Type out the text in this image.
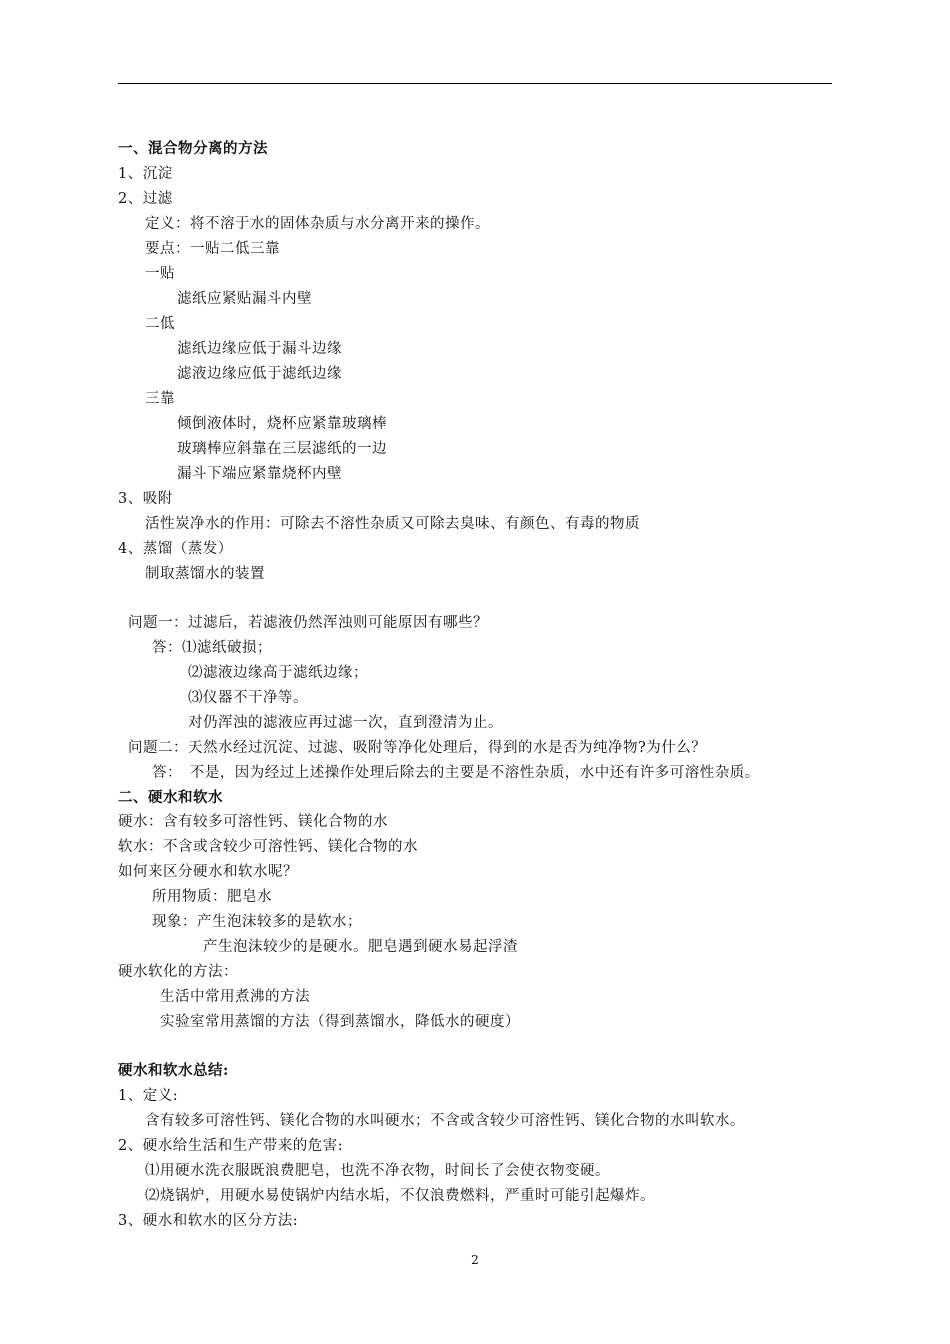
一、混合物分离的方法
1、沉淀
2、过滤
定义：将不溶于水的固体杂质与水分离开来的操作。
要点：一贴二低三靠
一贴
滤纸应紧贴漏斗内壁
二低
滤纸边缘应低于漏斗边缘
滤液边缘应低于滤纸边缘
三靠
倾倒液体时，烧杯应紧靠玻璃棒
玻璃棒应斜靠在三层滤纸的一边
漏斗下端应紧靠烧杯内壁
3、吸附
活性炭净水的作用：可除去不溶性杂质又可除去臭味、有颜色、有毒的物质
4、蒸馏（蒸发）
制取蒸馏水的装置
问题一：过滤后，若滤液仍然浑浊则可能原因有哪些？
答：⑴滤纸破损；
⑵滤液边缘高于滤纸边缘；
⑶仪器不干净等。
对仍浑浊的滤液应再过滤一次，直到澄清为止。
问题二：天然水经过沉淀、过滤、吸附等净化处理后，得到的水是否为纯净物?为什么？
答：　不是，因为经过上述操作处理后除去的主要是不溶性杂质，水中还有许多可溶性杂质。
二、硬水和软水
硬水：含有较多可溶性钙、镁化合物的水
软水：不含或含较少可溶性钙、镁化合物的水
如何来区分硬水和软水呢？
所用物质：肥皂水
现象：产生泡沫较多的是软水；
产生泡沫较少的是硬水。肥皂遇到硬水易起浮渣
硬水软化的方法：
生活中常用煮沸的方法
实验室常用蒸馏的方法（得到蒸馏水，降低水的硬度）
硬水和软水总结:
1、定义:
含有较多可溶性钙、镁化合物的水叫硬水；不含或含较少可溶性钙、镁化合物的水叫软水。
2、硬水给生活和生产带来的危害:
⑴用硬水洗衣服既浪费肥皂，也洗不净衣物，时间长了会使衣物变硬。
⑵烧锅炉，用硬水易使锅炉内结水垢，不仅浪费燃料，严重时可能引起爆炸。
3、硬水和软水的区分方法:
2
